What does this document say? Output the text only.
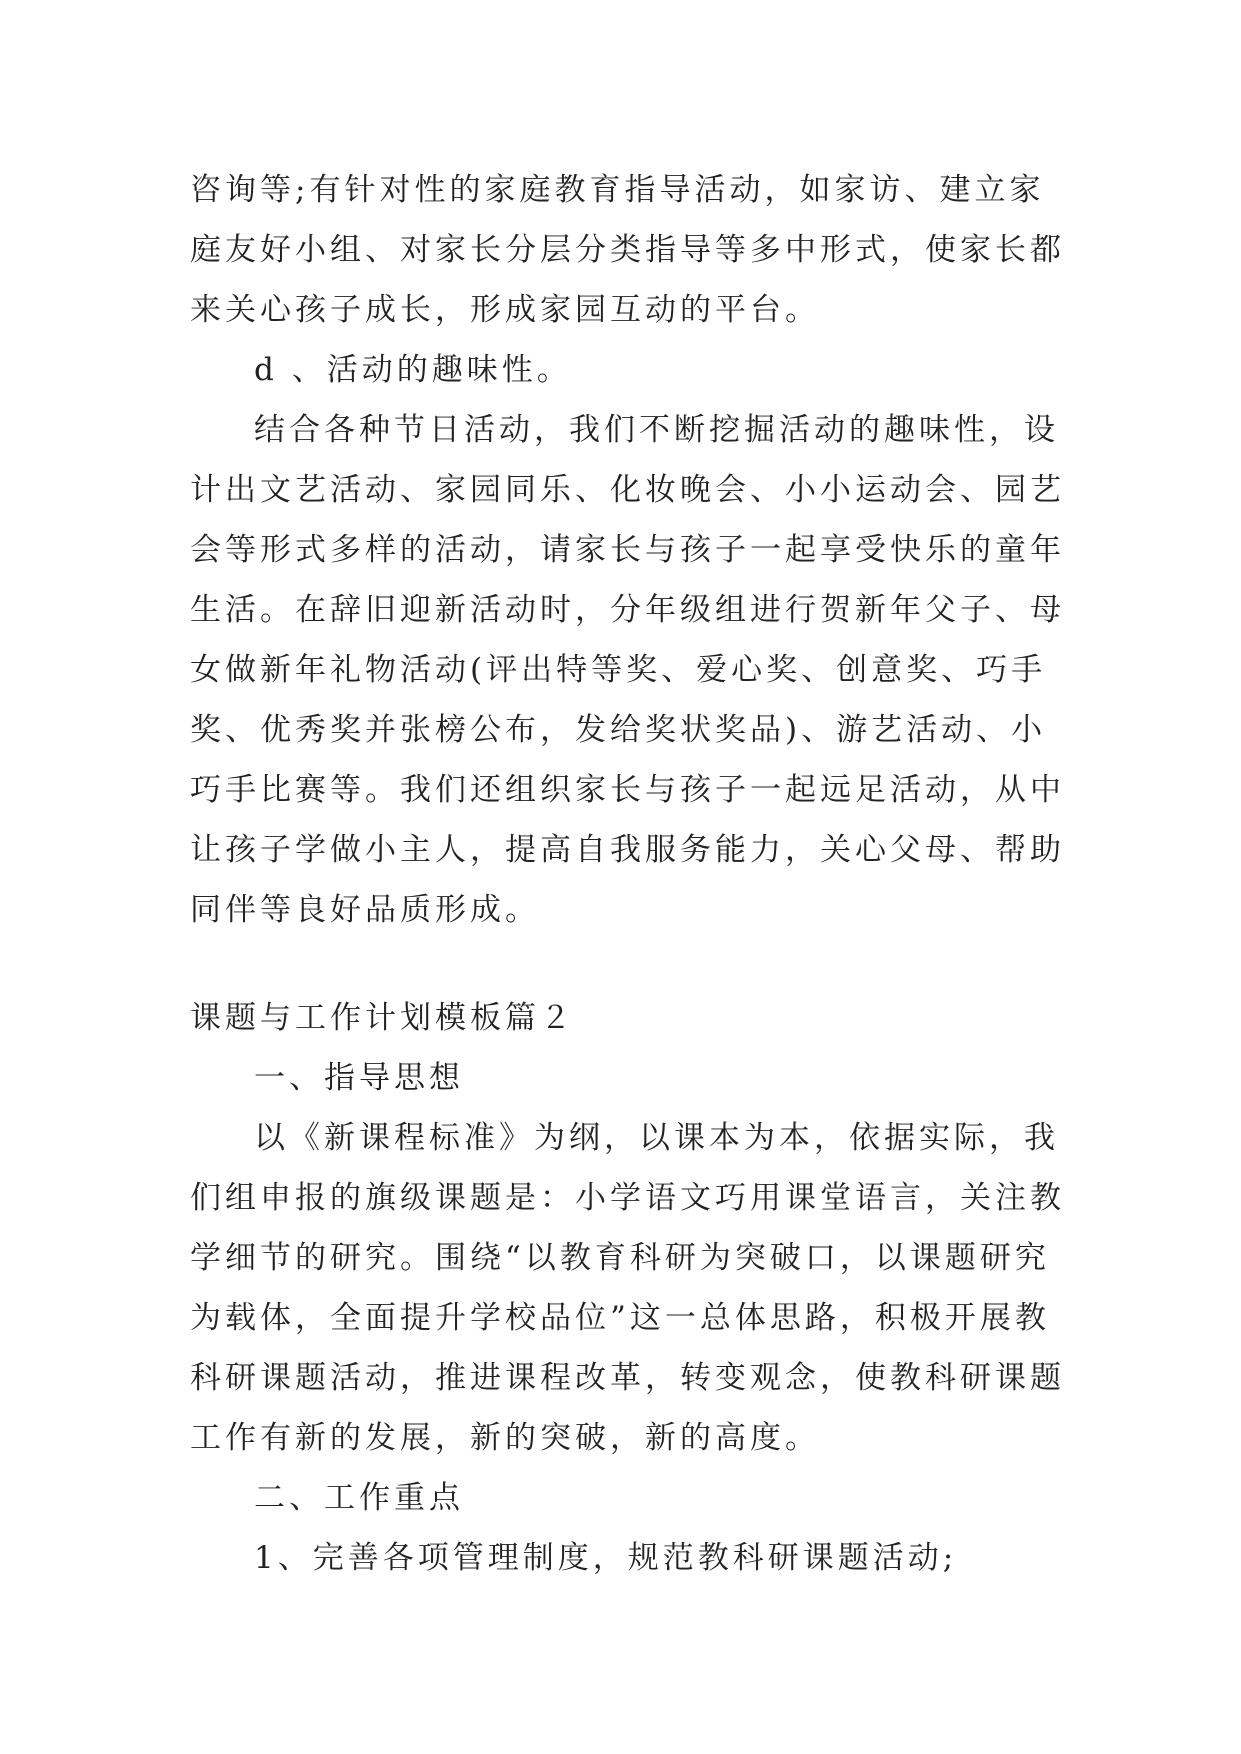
咨询等;有针对性的家庭教育指导活动，如家访、建立家庭友好小组、对家长分层分类指导等多中形式，使家长都来关心孩子成长，形成家园互动的平台。

d 、活动的趣味性。

结合各种节日活动，我们不断挖掘活动的趣味性，设计出文艺活动、家园同乐、化妆晚会、小小运动会、园艺会等形式多样的活动，请家长与孩子一起享受快乐的童年生活。在辞旧迎新活动时，分年级组进行贺新年父子、母女做新年礼物活动(评出特等奖、爱心奖、创意奖、巧手奖、优秀奖并张榜公布，发给奖状奖品)、游艺活动、小巧手比赛等。我们还组织家长与孩子一起远足活动，从中让孩子学做小主人，提高自我服务能力，关心父母、帮助同伴等良好品质形成。

课题与工作计划模板篇２

一、指导思想

以《新课程标准》为纲，以课本为本，依据实际，我们组申报的旗级课题是：小学语文巧用课堂语言，关注教学细节的研究。围绕“以教育科研为突破口，以课题研究为载体，全面提升学校品位”这一总体思路，积极开展教科研课题活动，推进课程改革，转变观念，使教科研课题工作有新的发展，新的突破，新的高度。

二、工作重点

1、完善各项管理制度，规范教科研课题活动;
